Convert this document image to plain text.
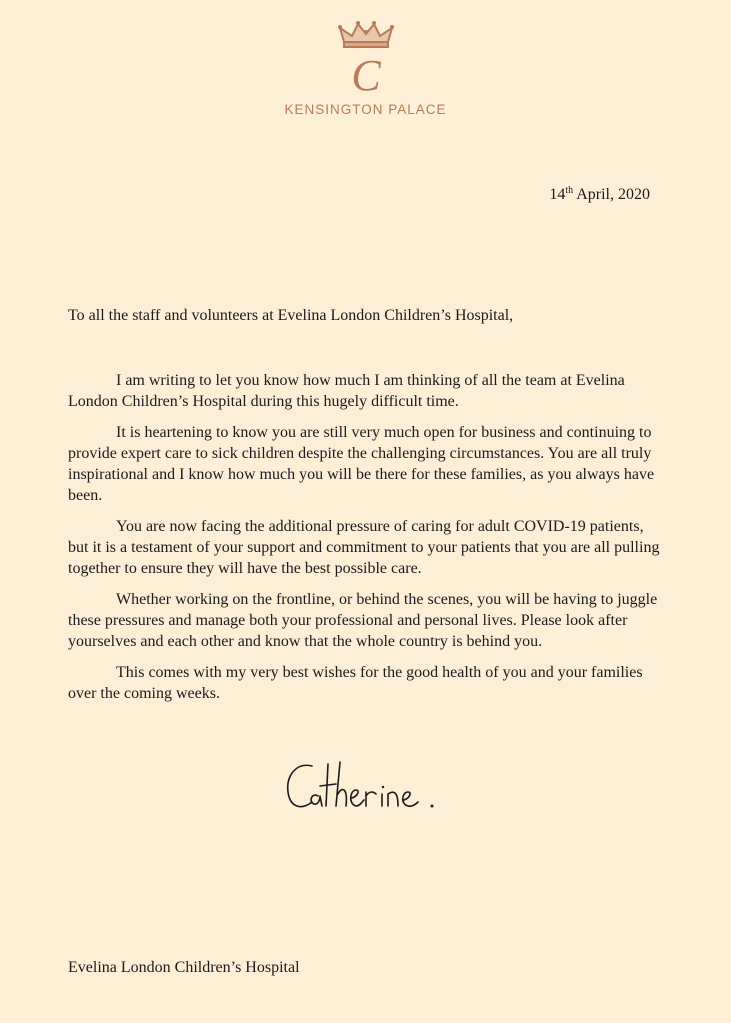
C
KENSINGTON PALACE
14th April, 2020
To all the staff and volunteers at Evelina London Children’s Hospital,

I am writing to let you know how much I am thinking of all the team at Evelina London Children’s Hospital during this hugely difficult time.

It is heartening to know you are still very much open for business and continuing to provide expert care to sick children despite the challenging circumstances. You are all truly inspirational and I know how much you will be there for these families, as you always have been.

You are now facing the additional pressure of caring for adult COVID-19 patients, but it is a testament of your support and commitment to your patients that you are all pulling together to ensure they will have the best possible care.

Whether working on the frontline, or behind the scenes, you will be having to juggle these pressures and manage both your professional and personal lives. Please look after yourselves and each other and know that the whole country is behind you.

This comes with my very best wishes for the good health of you and your families over the coming weeks.

Evelina London Children’s Hospital
